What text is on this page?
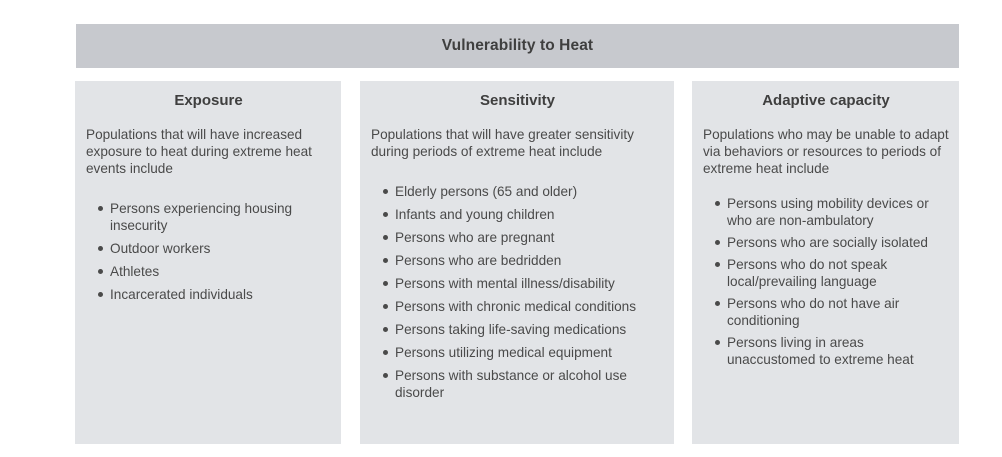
Vulnerability to Heat
Exposure
Populations that will have increased exposure to heat during extreme heat events include
Persons experiencing housing insecurity
Outdoor workers
Athletes
Incarcerated individuals
Sensitivity
Populations that will have greater sensitivity during periods of extreme heat include
Elderly persons (65 and older)
Infants and young children
Persons who are pregnant
Persons who are bedridden
Persons with mental illness/disability
Persons with chronic medical conditions
Persons taking life-saving medications
Persons utilizing medical equipment
Persons with substance or alcohol use disorder
Adaptive capacity
Populations who may be unable to adapt via behaviors or resources to periods of extreme heat include
Persons using mobility devices or who are non-ambulatory
Persons who are socially isolated
Persons who do not speak local/prevailing language
Persons who do not have air conditioning
Persons living in areas unaccustomed to extreme heat
